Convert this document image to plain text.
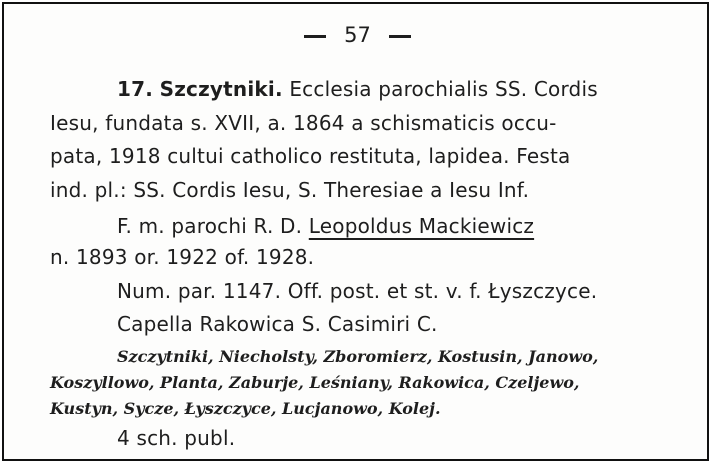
57
17. Szczytniki. Ecclesia parochialis SS. Cordis
Iesu, fundata s. XVII, a. 1864 a schismaticis occu-
pata, 1918 cultui catholico restituta, lapidea. Festa
ind. pl.: SS. Cordis Iesu, S. Theresiae a Iesu Inf.
F. m. parochi R. D. Leopoldus Mackiewicz
n. 1893 or. 1922 of. 1928.
Num. par. 1147. Off. post. et st. v. f. Łyszczyce.
Capella Rakowica S. Casimiri C.
Szczytniki, Niecholsty, Zboromierz, Kostusin, Janowo,
Koszyllowo, Planta, Zaburje, Leśniany, Rakowica, Czeljewo,
Kustyn, Sycze, Łyszczyce, Lucjanowo, Kolej.
4 sch. publ.
